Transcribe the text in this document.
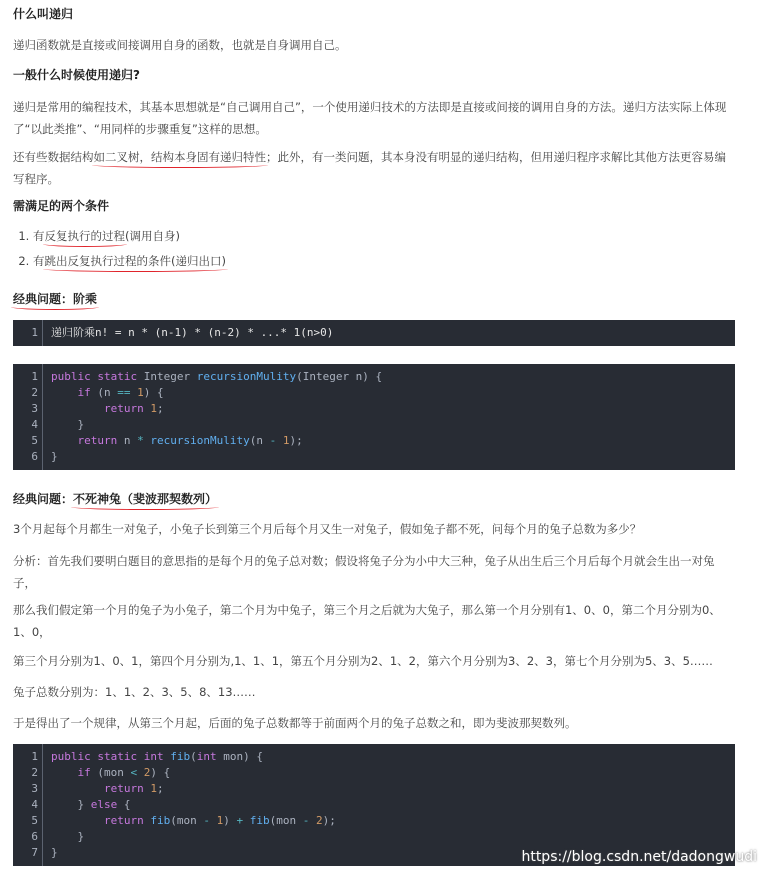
什么叫递归
递归函数就是直接或间接调用自身的函数，也就是自身调用自己。
一般什么时候使用递归?
递归是常用的编程技术，其基本思想就是“自己调用自己”，一个使用递归技术的方法即是直接或间接的调用自身的方法。递归方法实际上体现了“以此类推”、“用同样的步骤重复”这样的思想。
还有些数据结构如二叉树，结构本身固有递归特性；此外，有一类问题，其本身没有明显的递归结构，但用递归程序求解比其他方法更容易编写程序。
需满足的两个条件
1. 有反复执行的过程(调用自身)
2. 有跳出反复执行过程的条件(递归出口)
经典问题：阶乘
1 递归阶乘n! = n * (n-1) * (n-2) * ...* 1(n>0)
1
2
3
4
5
6
public static Integer recursionMulity(Integer n) {
if (n == 1) {
return 1;
}
return n * recursionMulity(n - 1);
}
经典问题：不死神兔（斐波那契数列）
3个月起每个月都生一对兔子，小兔子长到第三个月后每个月又生一对兔子，假如兔子都不死，问每个月的兔子总数为多少？
分析：首先我们要明白题目的意思指的是每个月的兔子总对数；假设将兔子分为小中大三种，兔子从出生后三个月后每个月就会生出一对兔子，
那么我们假定第一个月的兔子为小兔子，第二个月为中兔子，第三个月之后就为大兔子，那么第一个月分别有1、0、0，第二个月分别为0、1、0，
第三个月分别为1、0、1，第四个月分别为,1、1、1，第五个月分别为2、1、2，第六个月分别为3、2、3，第七个月分别为5、3、5……
兔子总数分别为：1、1、2、3、5、8、13……
于是得出了一个规律，从第三个月起，后面的兔子总数都等于前面两个月的兔子总数之和，即为斐波那契数列。
1
2
3
4
5
6
7
public static int fib(int mon) {
if (mon < 2) {
return 1;
} else {
return fib(mon - 1) + fib(mon - 2);
}
}	https://blog.csdn.net/dadongwudi
